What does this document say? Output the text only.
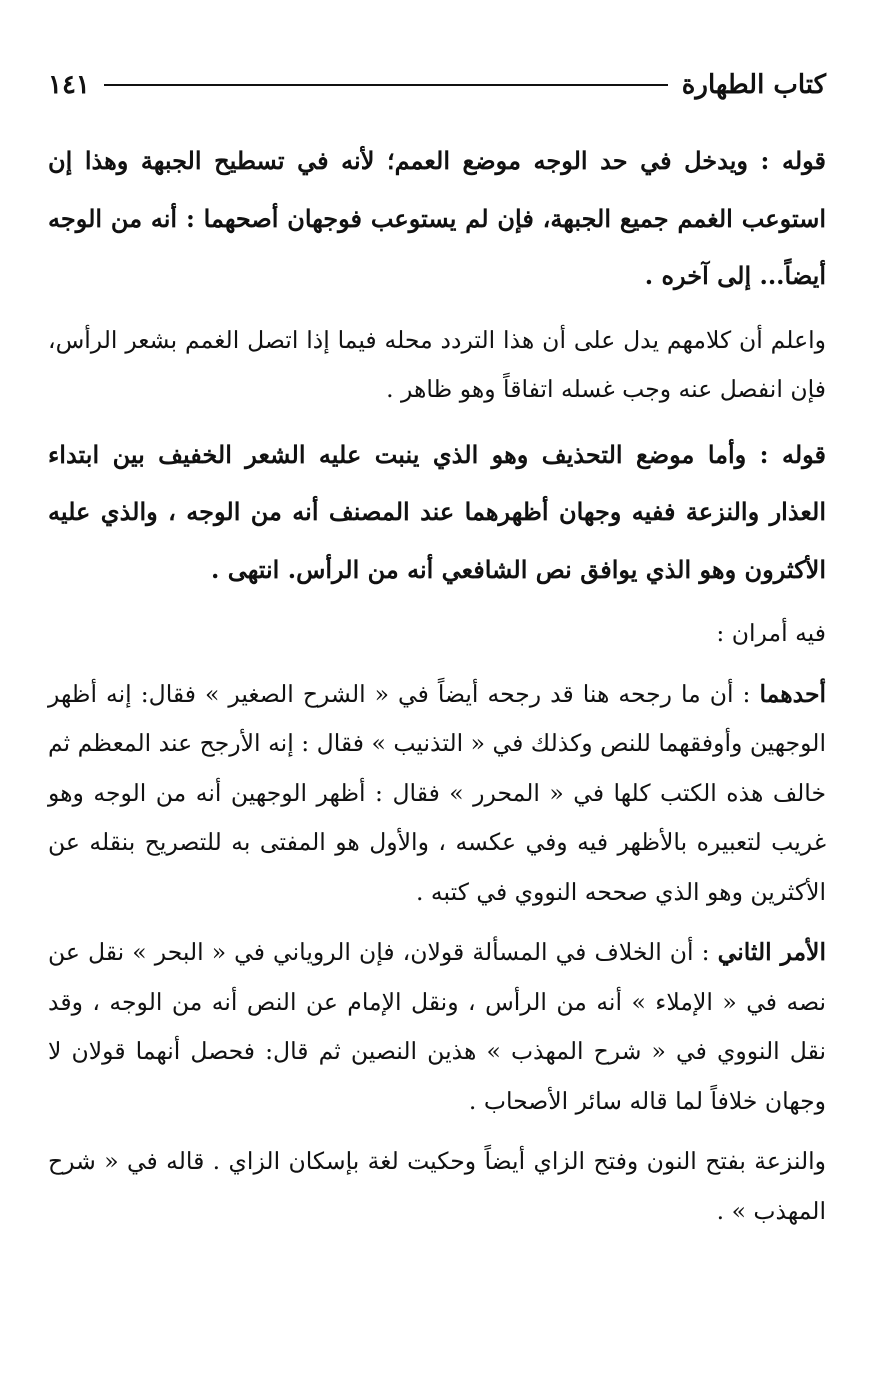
كتاب الطهارة
١٤١

قوله : ويدخل في حد الوجه موضع العمم؛ لأنه في تسطيح الجبهة وهذا إن استوعب الغمم جميع الجبهة، فإن لم يستوعب فوجهان أصحهما : أنه من الوجه أيضاً... إلى آخره .

واعلم أن كلامهم يدل على أن هذا التردد محله فيما إذا اتصل الغمم بشعر الرأس، فإن انفصل عنه وجب غسله اتفاقاً وهو ظاهر .

قوله : وأما موضع التحذيف وهو الذي ينبت عليه الشعر الخفيف بين ابتداء العذار والنزعة ففيه وجهان أظهرهما عند المصنف أنه من الوجه ، والذي عليه الأكثرون وهو الذي يوافق نص الشافعي أنه من الرأس. انتهى .

فيه أمران :

أحدهما : أن ما رجحه هنا قد رجحه أيضاً في « الشرح الصغير » فقال: إنه أظهر الوجهين وأوفقهما للنص وكذلك في « التذنيب » فقال : إنه الأرجح عند المعظم ثم خالف هذه الكتب كلها في « المحرر » فقال : أظهر الوجهين أنه من الوجه وهو غريب لتعبيره بالأظهر فيه وفي عكسه ، والأول هو المفتى به للتصريح بنقله عن الأكثرين وهو الذي صححه النووي في كتبه .

الأمر الثاني : أن الخلاف في المسألة قولان، فإن الروياني في « البحر » نقل عن نصه في « الإملاء » أنه من الرأس ، ونقل الإمام عن النص أنه من الوجه ، وقد نقل النووي في « شرح المهذب » هذين النصين ثم قال: فحصل أنهما قولان لا وجهان خلافاً لما قاله سائر الأصحاب .

والنزعة بفتح النون وفتح الزاي أيضاً وحكيت لغة بإسكان الزاي . قاله في « شرح المهذب » .
